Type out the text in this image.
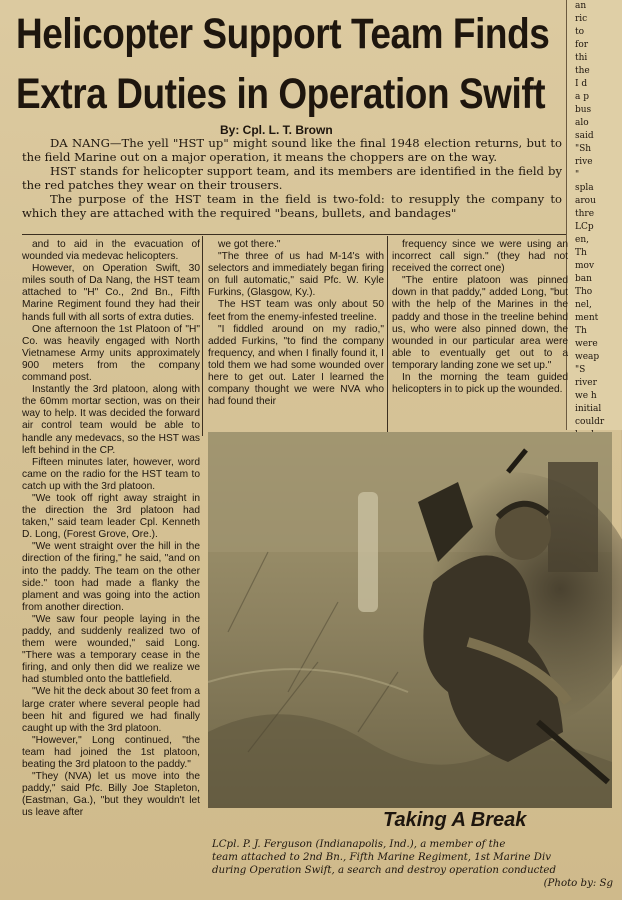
an

ric

to

for

thi

the

I d

a p

bus

alo

said

"Sh

rive

"

spla

arou

thre

LCp

en,

Th

mov

ban

Tho

nel,

ment

Th

were

weap

"S

river

we h

initial

couldr

Helicopter Support Team Finds
Extra Duties in Operation Swift
By: Cpl. L. T. Brown

DA NANG—The yell "HST up" might sound like the final 1948 election returns, but to the field Marine out on a major operation, it means the choppers are on the way.

HST stands for helicopter support team, and its members are identified in the field by the red patches they wear on their trousers.

The purpose of the HST team in the field is two-fold: to resupply the company to which they are attached with the required "beans, bullets, and bandages"

and to aid in the evacuation of wounded via medevac helicopters.

However, on Operation Swift, 30 miles south of Da Nang, the HST team attached to "H" Co., 2nd Bn., Fifth Marine Regiment found they had their hands full with all sorts of extra duties.

One afternoon the 1st Platoon of "H" Co. was heavily engaged with North Vietnamese Army units approximately 900 meters from the company command post.

Instantly the 3rd platoon, along with the 60mm mortar section, was on their way to help. It was decided the forward air control team would be able to handle any medevacs, so the HST was left behind in the CP.

Fifteen minutes later, however, word came on the radio for the HST team to catch up with the 3rd platoon.

"We took off right away straight in the direction the 3rd platoon had taken," said team leader Cpl. Kenneth D. Long, (Forest Grove, Ore.).

"We went straight over the hill in the direction of the firing," he said, "and on into the paddy. The team on the other side." toon had made a flanky the plament and was going into the action from another direction.

"We saw four people laying in the paddy, and suddenly realized two of them were wounded," said Long. "There was a temporary cease in the firing, and only then did we realize we had stumbled onto the battlefield.

"We hit the deck about 30 feet from a large crater where several people had been hit and figured we had finally caught up with the 3rd platoon.

"However," Long continued, "the team had joined the 1st platoon, beating the 3rd platoon to the paddy."

"They (NVA) let us move into the paddy," said Pfc. Billy Joe Stapleton, (Eastman, Ga.), "but they wouldn't let us leave after

we got there."

"The three of us had M-14's with selectors and immediately began firing on full automatic," said Pfc. W. Kyle Furkins, (Glasgow, Ky.).

The HST team was only about 50 feet from the enemy-infested treeline.

"I fiddled around on my radio," added Furkins, "to find the company frequency, and when I finally found it, I told them we had some wounded over here to get out. Later I learned the company thought we were NVA who had found their

frequency since we were using an incorrect call sign." (they had not received the correct one)

"The entire platoon was pinned down in that paddy," added Long, "but with the help of the Marines in the paddy and those in the treeline behind us, who were also pinned down, the wounded in our particular area were able to eventually get out to a temporary landing zone we set up."

In the morning the team guided helicopters in to pick up the wounded.

Taking A Break
LCpl. P. J. Ferguson (Indianapolis, Ind.), a member of the
team attached to 2nd Bn., Fifth Marine Regiment, 1st Marine Div
during Operation Swift, a search and destroy operation conducted
(Photo by: Sg
